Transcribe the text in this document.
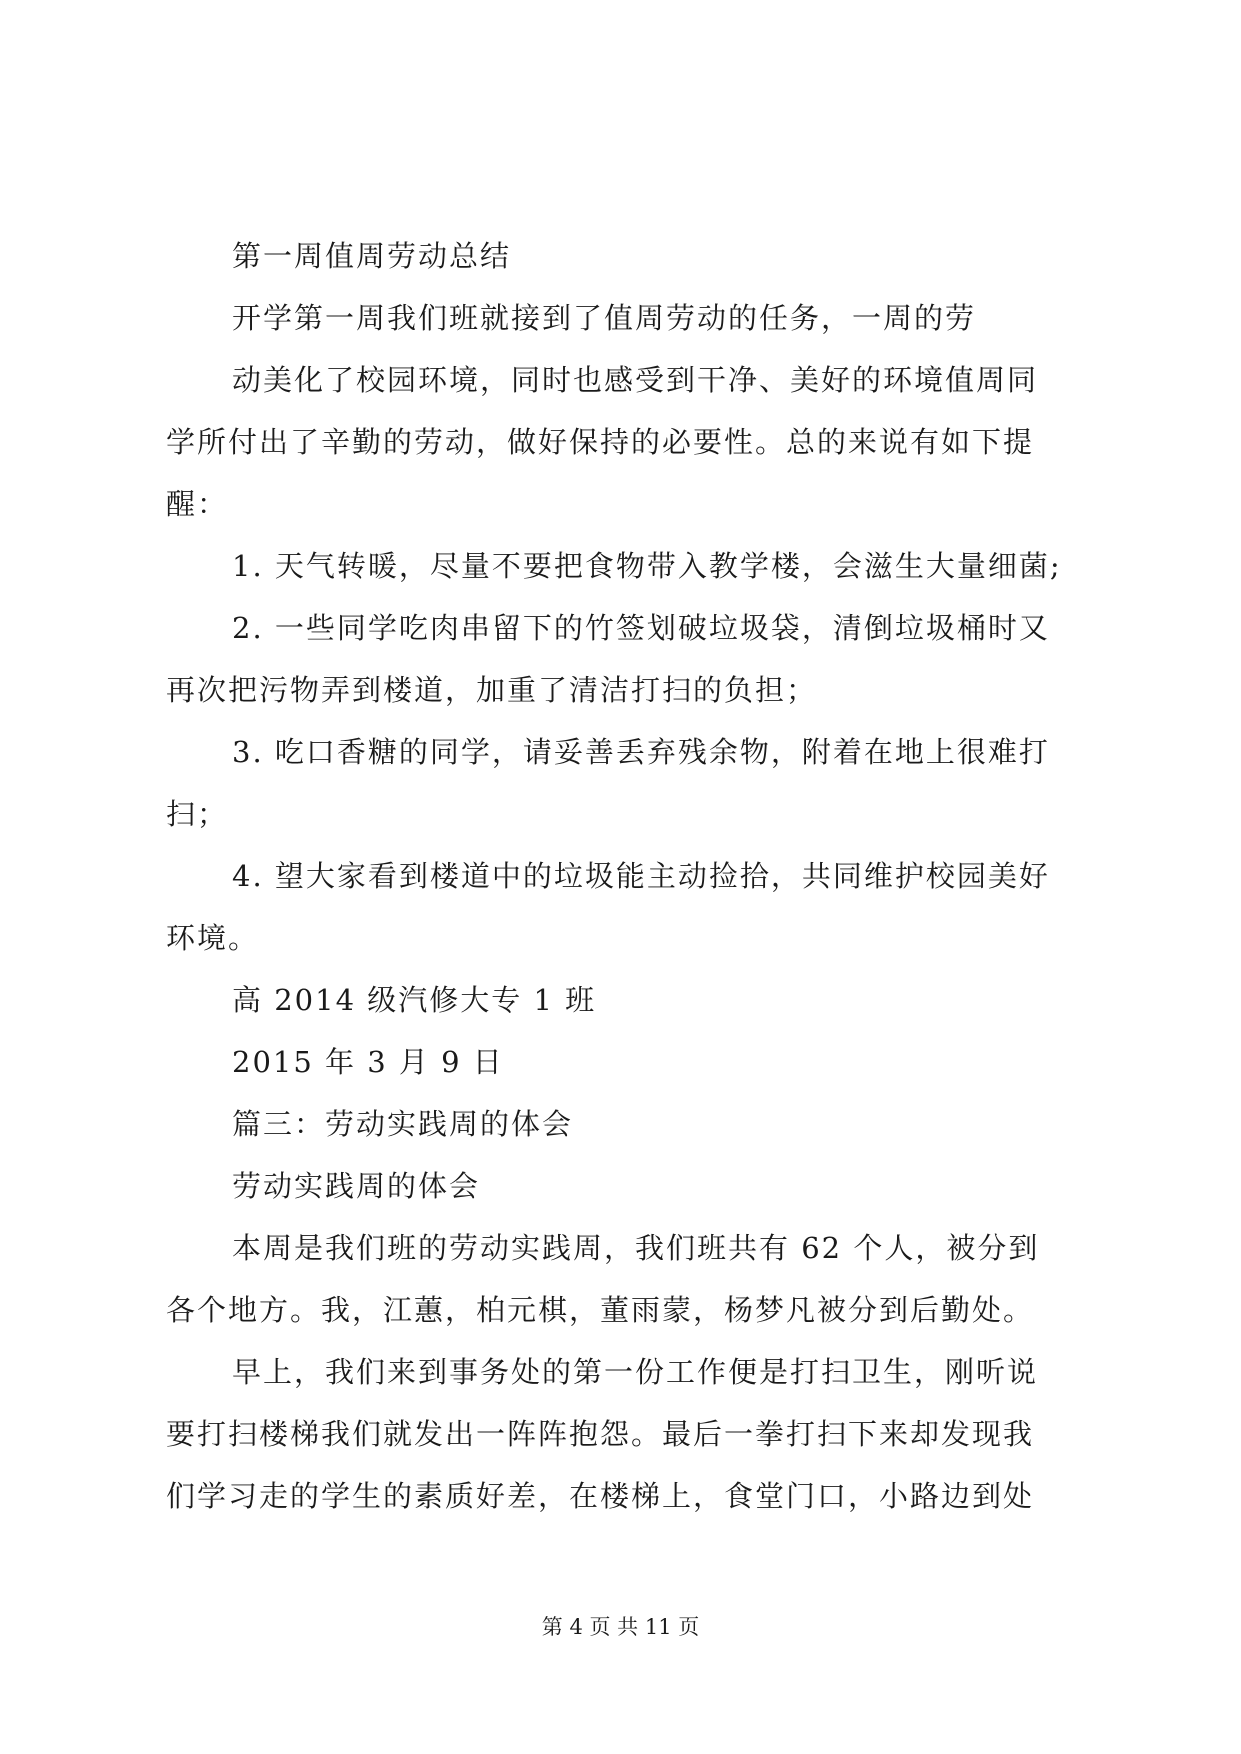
第一周值周劳动总结
开学第一周我们班就接到了值周劳动的任务，一周的劳
动美化了校园环境，同时也感受到干净、美好的环境值周同
学所付出了辛勤的劳动，做好保持的必要性。总的来说有如下提
醒：
1. 天气转暖，尽量不要把食物带入教学楼，会滋生大量细菌;
2. 一些同学吃肉串留下的竹签划破垃圾袋，清倒垃圾桶时又
再次把污物弄到楼道，加重了清洁打扫的负担；
3. 吃口香糖的同学，请妥善丢弃残余物，附着在地上很难打
扫；
4. 望大家看到楼道中的垃圾能主动捡拾，共同维护校园美好
环境。
高 2014 级汽修大专 1 班
2015 年 3 月 9 日
篇三：劳动实践周的体会
劳动实践周的体会
本周是我们班的劳动实践周，我们班共有 62 个人，被分到
各个地方。我，江蕙，柏元棋，董雨蒙，杨梦凡被分到后勤处。
早上，我们来到事务处的第一份工作便是打扫卫生，刚听说
要打扫楼梯我们就发出一阵阵抱怨。最后一拳打扫下来却发现我
们学习走的学生的素质好差，在楼梯上，食堂门口，小路边到处
第 4 页 共 11 页
